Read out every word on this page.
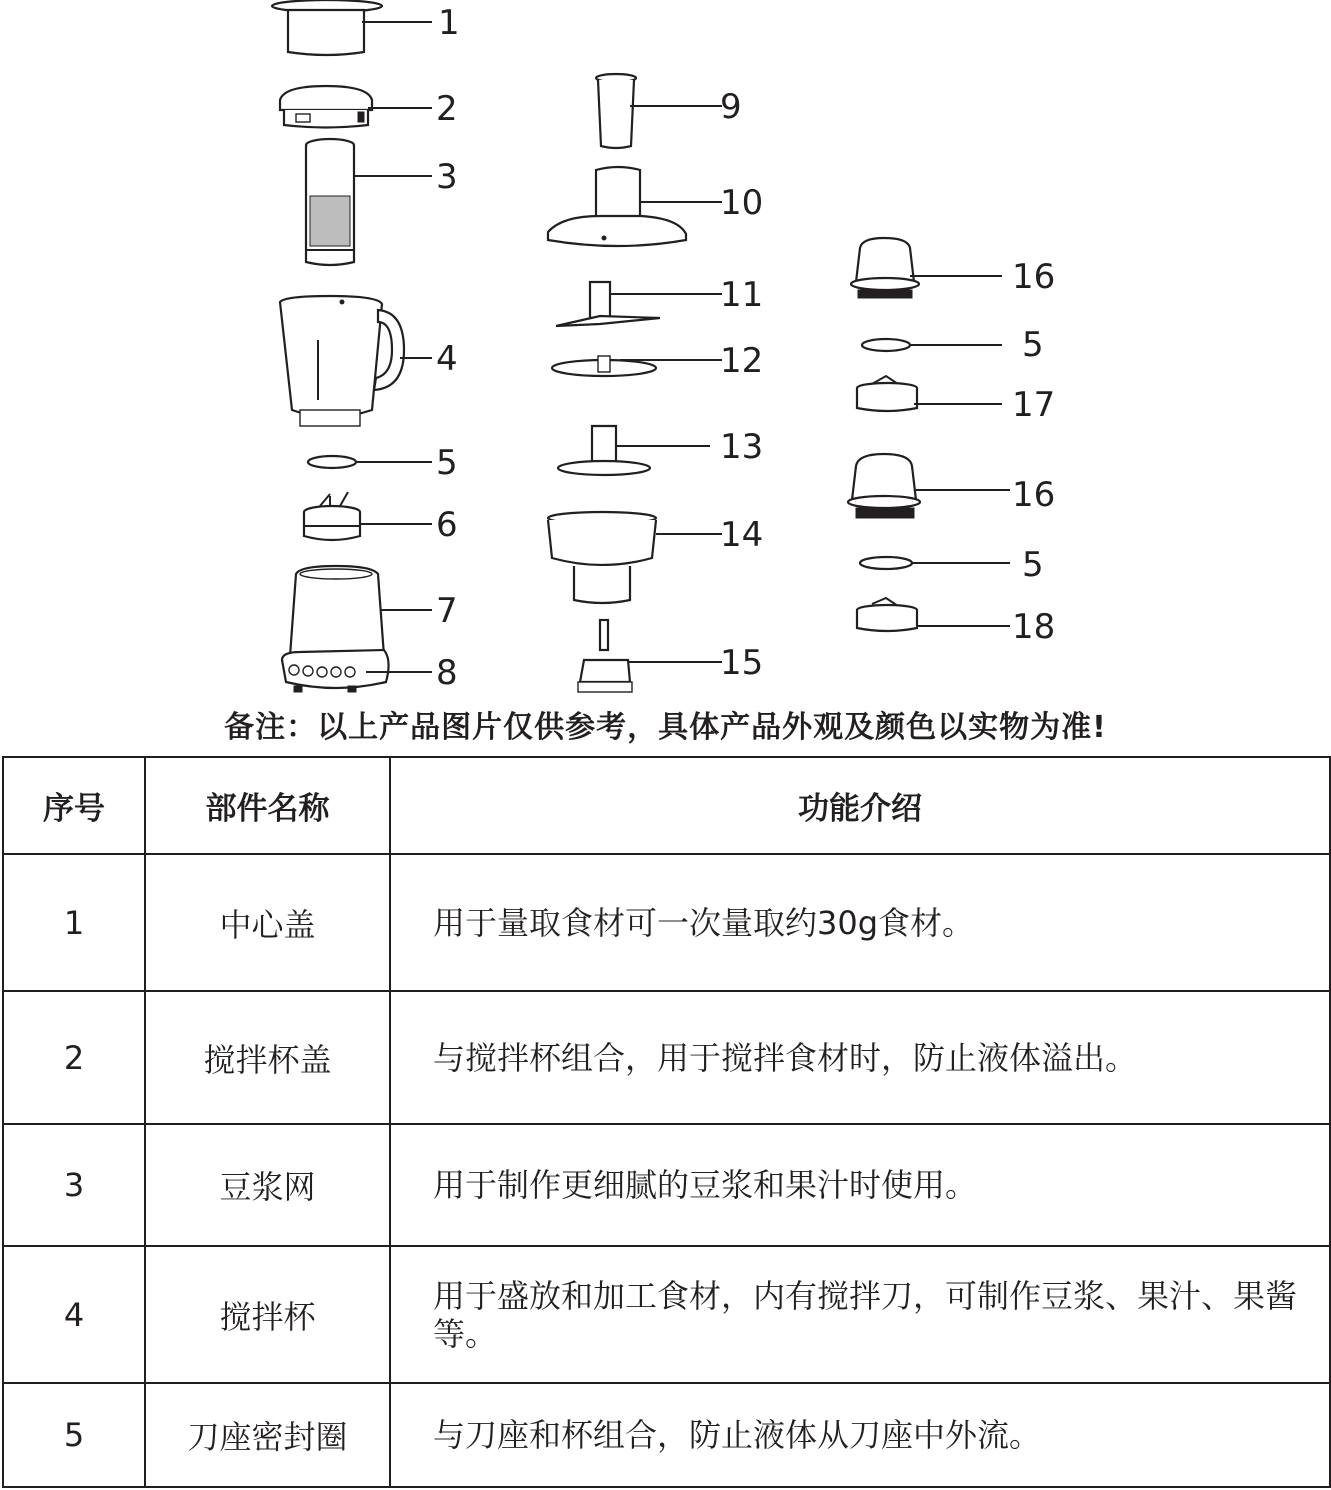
1
2
3
4
5
6
7
8
9
10
11
12
13
14
15
16
5
17
16
5
18
备注：以上产品图片仅供参考，具体产品外观及颜色以实物为准!
序号	部件名称	功能介绍
1	中心盖	用于量取食材可一次量取约30g食材。
2	搅拌杯盖	与搅拌杯组合，用于搅拌食材时，防止液体溢出。
3	豆浆网	用于制作更细腻的豆浆和果汁时使用。
4	搅拌杯	用于盛放和加工食材，内有搅拌刀，可制作豆浆、果汁、果酱等。
5	刀座密封圈	与刀座和杯组合，防止液体从刀座中外流。
